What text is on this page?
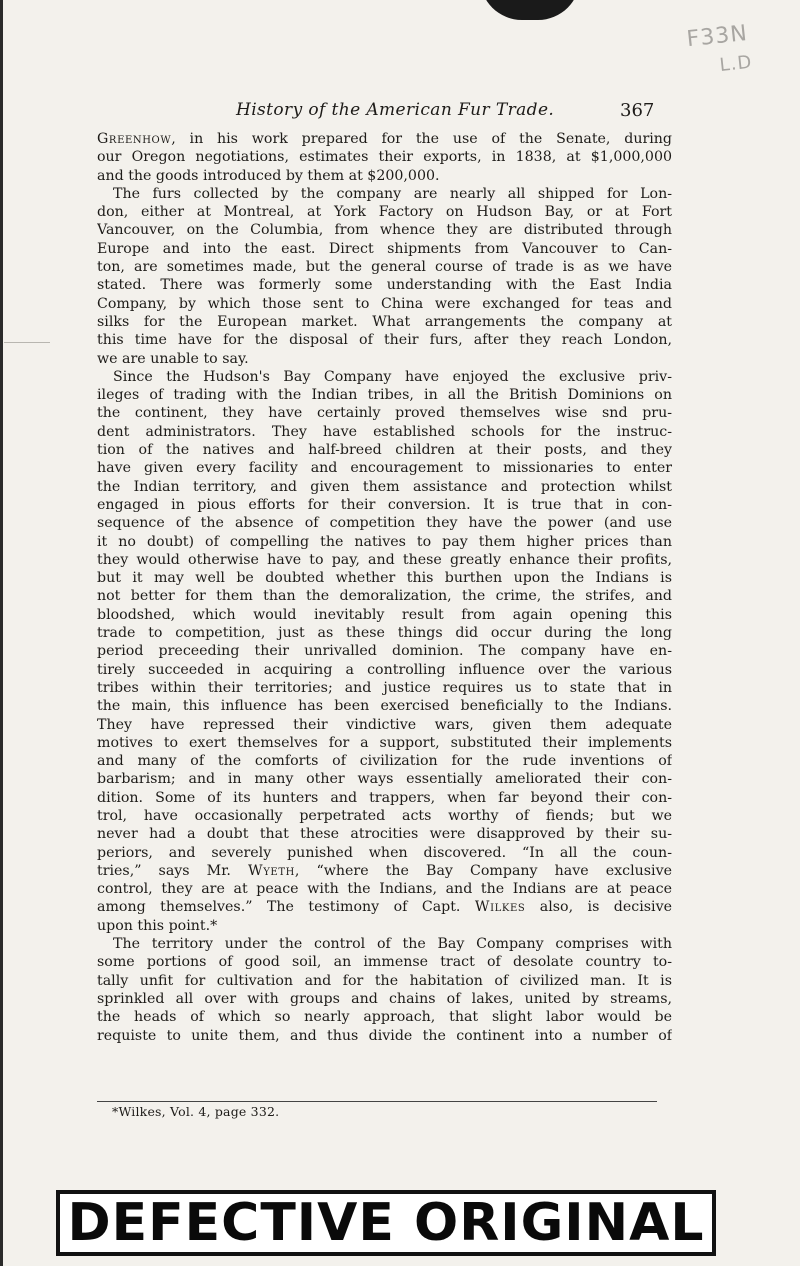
F33N
L.D
History of the American Fur Trade.	367
Greenhow, in his work prepared for the use of the Senate, during
our Oregon negotiations, estimates their exports, in 1838, at $1,000,000
and the goods introduced by them at $200,000.
The furs collected by the company are nearly all shipped for Lon-
don, either at Montreal, at York Factory on Hudson Bay, or at Fort
Vancouver, on the Columbia, from whence they are distributed through
Europe and into the east. Direct shipments from Vancouver to Can-
ton, are sometimes made, but the general course of trade is as we have
stated. There was formerly some understanding with the East India
Company, by which those sent to China were exchanged for teas and
silks for the European market. What arrangements the company at
this time have for the disposal of their furs, after they reach London,
we are unable to say.
Since the Hudson's Bay Company have enjoyed the exclusive priv-
ileges of trading with the Indian tribes, in all the British Dominions on
the continent, they have certainly proved themselves wise snd pru-
dent administrators. They have established schools for the instruc-
tion of the natives and half-breed children at their posts, and they
have given every facility and encouragement to missionaries to enter
the Indian territory, and given them assistance and protection whilst
engaged in pious efforts for their conversion. It is true that in con-
sequence of the absence of competition they have the power (and use
it no doubt) of compelling the natives to pay them higher prices than
they would otherwise have to pay, and these greatly enhance their profits,
but it may well be doubted whether this burthen upon the Indians is
not better for them than the demoralization, the crime, the strifes, and
bloodshed, which would inevitably result from again opening this
trade to competition, just as these things did occur during the long
period preceeding their unrivalled dominion. The company have en-
tirely succeeded in acquiring a controlling influence over the various
tribes within their territories; and justice requires us to state that in
the main, this influence has been exercised beneficially to the Indians.
They have repressed their vindictive wars, given them adequate
motives to exert themselves for a support, substituted their implements
and many of the comforts of civilization for the rude inventions of
barbarism; and in many other ways essentially ameliorated their con-
dition. Some of its hunters and trappers, when far beyond their con-
trol, have occasionally perpetrated acts worthy of fiends; but we
never had a doubt that these atrocities were disapproved by their su-
periors, and severely punished when discovered. “In all the coun-
tries,” says Mr. Wyeth, “where the Bay Company have exclusive
control, they are at peace with the Indians, and the Indians are at peace
among themselves.” The testimony of Capt. Wilkes also, is decisive
upon this point.*
The territory under the control of the Bay Company comprises with
some portions of good soil, an immense tract of desolate country to-
tally unfit for cultivation and for the habitation of civilized man. It is
sprinkled all over with groups and chains of lakes, united by streams,
the heads of which so nearly approach, that slight labor would be
requiste to unite them, and thus divide the continent into a number of
*Wilkes, Vol. 4, page 332.
DEFECTIVE ORIGINAL
